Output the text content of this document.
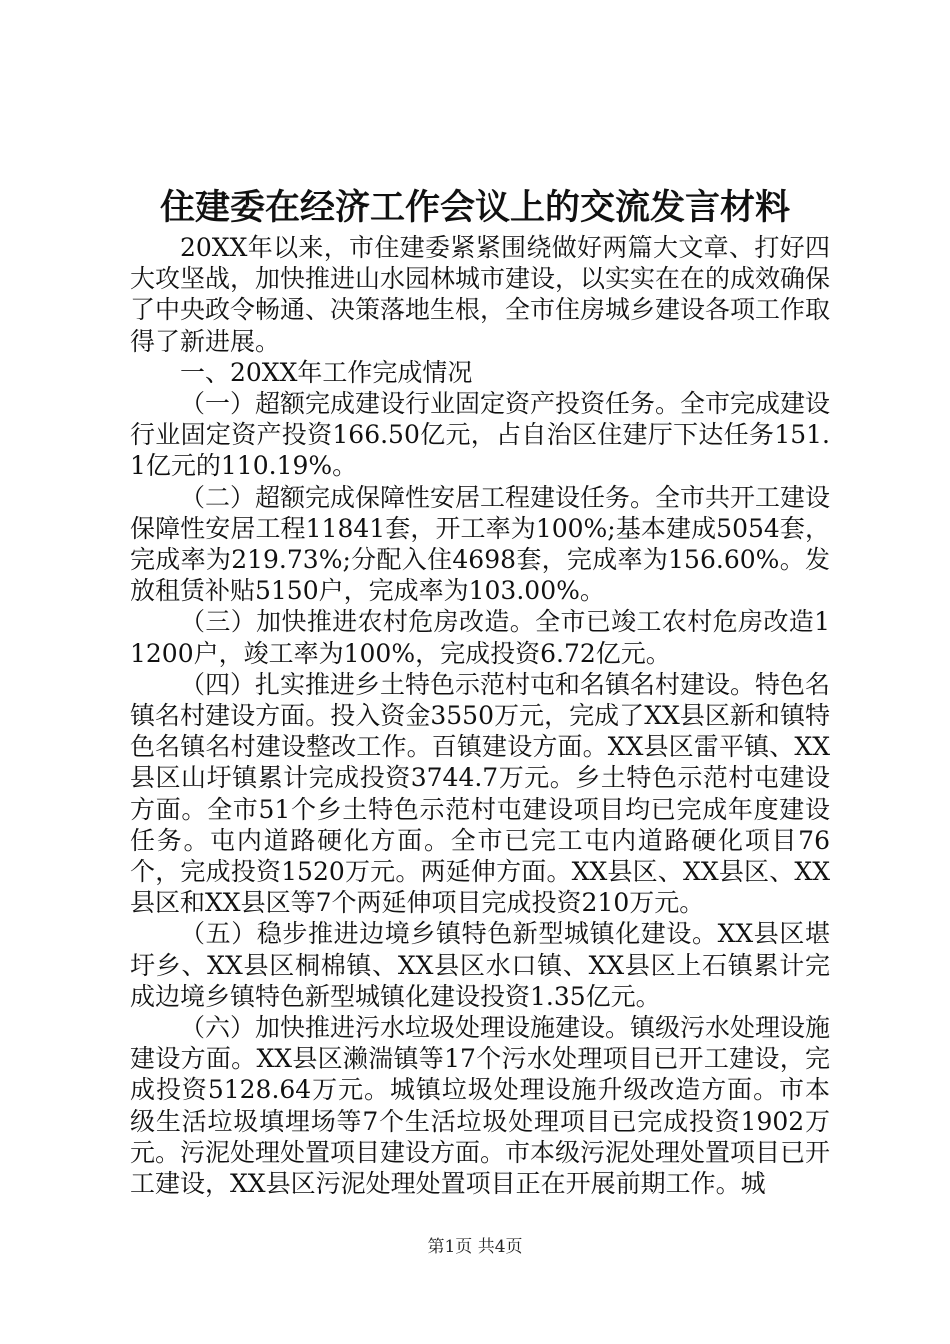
住建委在经济工作会议上的交流发言材料

20XX年以来，市住建委紧紧围绕做好两篇大文章、打好四大攻坚战，加快推进山水园林城市建设，以实实在在的成效确保了中央政令畅通、决策落地生根，全市住房城乡建设各项工作取得了新进展。

一、20XX年工作完成情况

（一）超额完成建设行业固定资产投资任务。全市完成建设行业固定资产投资166.50亿元，占自治区住建厅下达任务151.1亿元的110.19%。

（二）超额完成保障性安居工程建设任务。全市共开工建设保障性安居工程11841套，开工率为100%;基本建成5054套，完成率为219.73%;分配入住4698套，完成率为156.60%。发放租赁补贴5150户，完成率为103.00%。

（三）加快推进农村危房改造。全市已竣工农村危房改造11200户，竣工率为100%，完成投资6.72亿元。

（四）扎实推进乡土特色示范村屯和名镇名村建设。特色名镇名村建设方面。投入资金3550万元，完成了XX县区新和镇特色名镇名村建设整改工作。百镇建设方面。XX县区雷平镇、XX县区山圩镇累计完成投资3744.7万元。乡土特色示范村屯建设方面。全市51个乡土特色示范村屯建设项目均已完成年度建设任务。屯内道路硬化方面。全市已完工屯内道路硬化项目76个，完成投资1520万元。两延伸方面。XX县区、XX县区、XX县区和XX县区等7个两延伸项目完成投资210万元。

（五）稳步推进边境乡镇特色新型城镇化建设。XX县区堪圩乡、XX县区桐棉镇、XX县区水口镇、XX县区上石镇累计完成边境乡镇特色新型城镇化建设投资1.35亿元。

（六）加快推进污水垃圾处理设施建设。镇级污水处理设施建设方面。XX县区濑湍镇等17个污水处理项目已开工建设，完成投资5128.64万元。城镇垃圾处理设施升级改造方面。市本级生活垃圾填埋场等7个生活垃圾处理项目已完成投资1902万元。污泥处理处置项目建设方面。市本级污泥处理处置项目已开工建设，XX县区污泥处理处置项目正在开展前期工作。城

第1页 共4页
